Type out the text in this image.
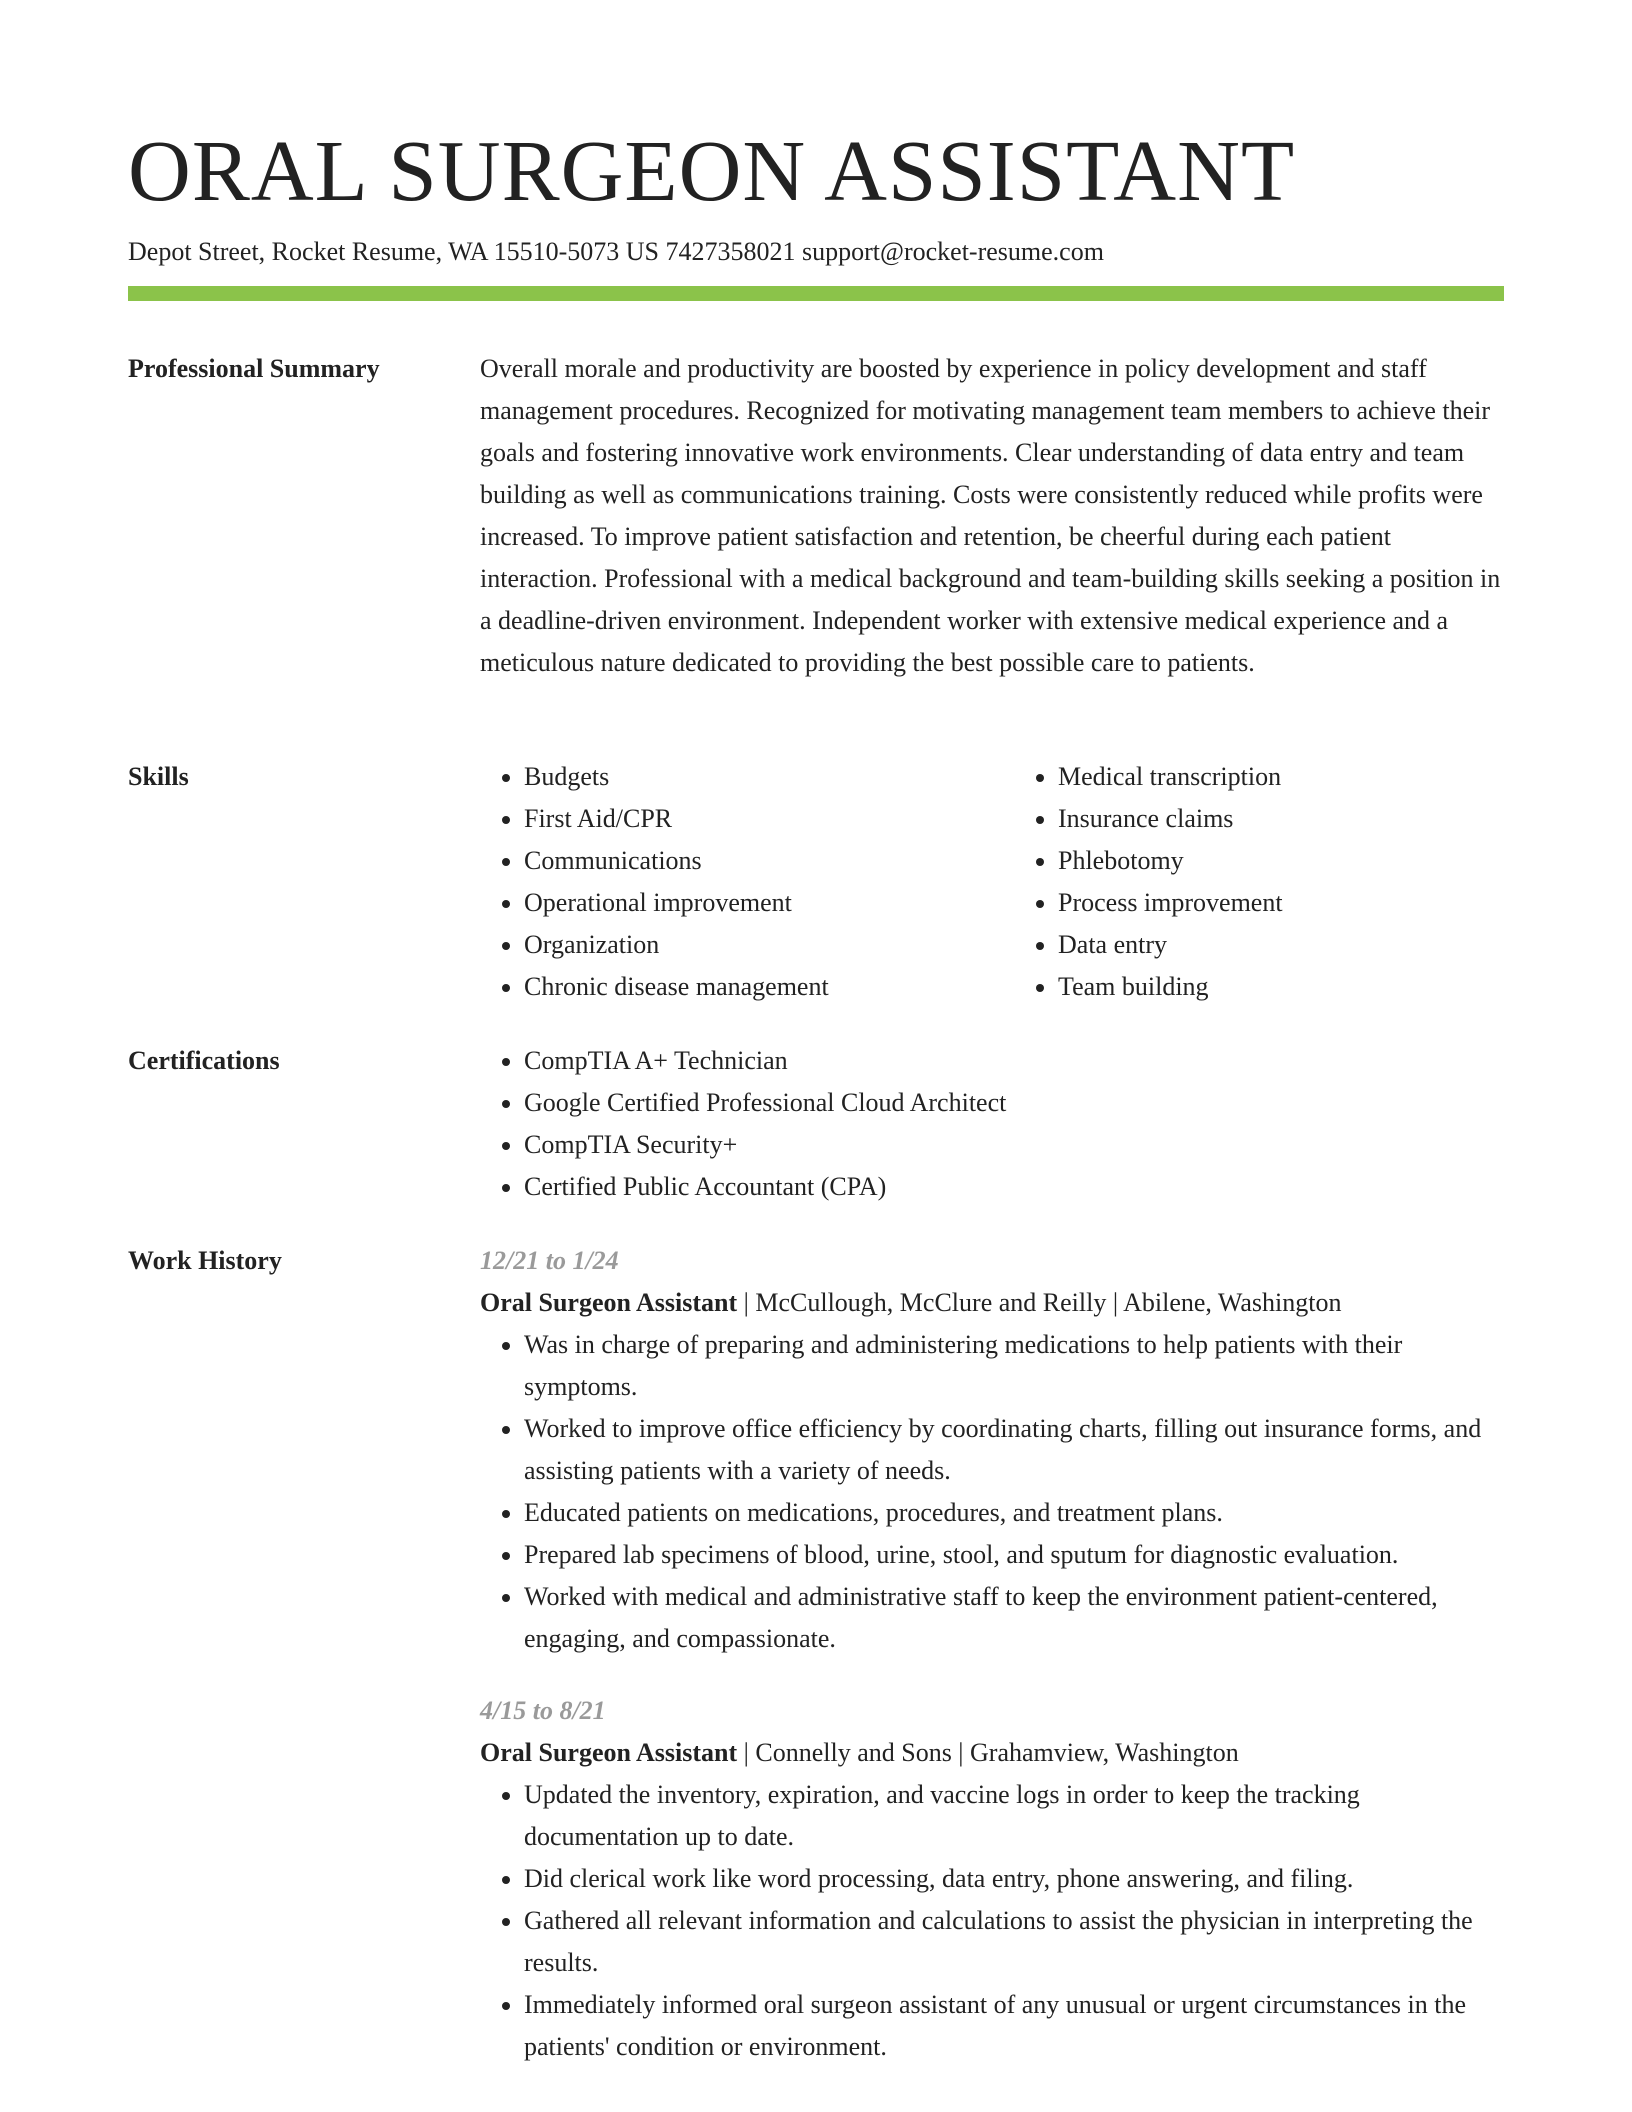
ORAL SURGEON ASSISTANT
Depot Street, Rocket Resume, WA 15510-5073 US 7427358021 support@rocket-resume.com
Professional Summary	Overall morale and productivity are boosted by experience in policy development and staff management procedures. Recognized for motivating management team members to achieve their goals and fostering innovative work environments. Clear understanding of data entry and team building as well as communications training. Costs were consistently reduced while profits were increased. To improve patient satisfaction and retention, be cheerful during each patient interaction. Professional with a medical background and team-building skills seeking a position in a deadline-driven environment. Independent worker with extensive medical experience and a meticulous nature dedicated to providing the best possible care to patients.

Skills	• Budgets
• First Aid/CPR
• Communications
• Operational improvement
• Organization
• Chronic disease management
• Medical transcription
• Insurance claims
• Phlebotomy
• Process improvement
• Data entry
• Team building
Certifications	• CompTIA A+ Technician
• Google Certified Professional Cloud Architect
• CompTIA Security+
• Certified Public Accountant (CPA)
Work History	12/21 to 1/24
Oral Surgeon Assistant | McCullough, McClure and Reilly | Abilene, Washington
• Was in charge of preparing and administering medications to help patients with their symptoms.
• Worked to improve office efficiency by coordinating charts, filling out insurance forms, and assisting patients with a variety of needs.
• Educated patients on medications, procedures, and treatment plans.
• Prepared lab specimens of blood, urine, stool, and sputum for diagnostic evaluation.
• Worked with medical and administrative staff to keep the environment patient-centered, engaging, and compassionate.
4/15 to 8/21
Oral Surgeon Assistant | Connelly and Sons | Grahamview, Washington
• Updated the inventory, expiration, and vaccine logs in order to keep the tracking documentation up to date.
• Did clerical work like word processing, data entry, phone answering, and filing.
• Gathered all relevant information and calculations to assist the physician in interpreting the results.
• Immediately informed oral surgeon assistant of any unusual or urgent circumstances in the patients' condition or environment.
